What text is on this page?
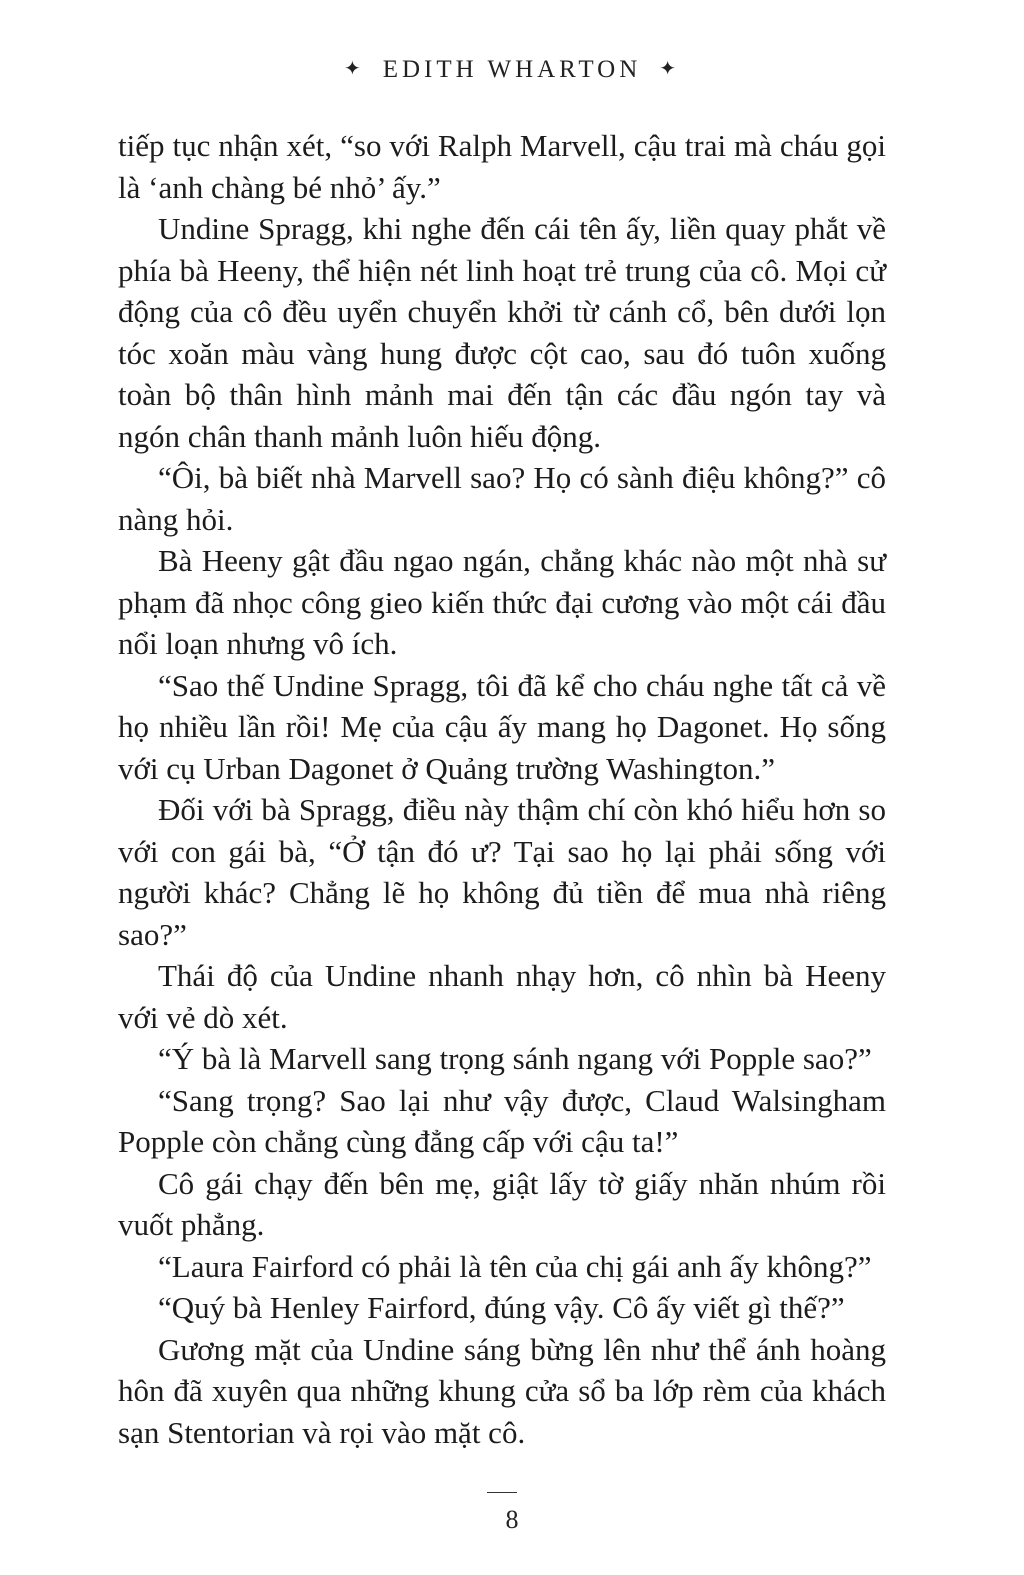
✦ EDITH WHARTON ✦

tiếp tục nhận xét, “so với Ralph Marvell, cậu trai mà cháu gọi là ‘anh chàng bé nhỏ’ ấy.”

Undine Spragg, khi nghe đến cái tên ấy, liền quay phắt về phía bà Heeny, thể hiện nét linh hoạt trẻ trung của cô. Mọi cử động của cô đều uyển chuyển khởi từ cánh cổ, bên dưới lọn tóc xoăn màu vàng hung được cột cao, sau đó tuôn xuống toàn bộ thân hình mảnh mai đến tận các đầu ngón tay và ngón chân thanh mảnh luôn hiếu động.

“Ôi, bà biết nhà Marvell sao? Họ có sành điệu không?” cô nàng hỏi.

Bà Heeny gật đầu ngao ngán, chẳng khác nào một nhà sư phạm đã nhọc công gieo kiến thức đại cương vào một cái đầu nổi loạn nhưng vô ích.

“Sao thế Undine Spragg, tôi đã kể cho cháu nghe tất cả về họ nhiều lần rồi! Mẹ của cậu ấy mang họ Dagonet. Họ sống với cụ Urban Dagonet ở Quảng trường Washington.”

Đối với bà Spragg, điều này thậm chí còn khó hiểu hơn so với con gái bà, “Ở tận đó ư? Tại sao họ lại phải sống với người khác? Chẳng lẽ họ không đủ tiền để mua nhà riêng sao?”

Thái độ của Undine nhanh nhạy hơn, cô nhìn bà Heeny với vẻ dò xét.

“Ý bà là Marvell sang trọng sánh ngang với Popple sao?”

“Sang trọng? Sao lại như vậy được, Claud Walsingham Popple còn chẳng cùng đẳng cấp với cậu ta!”

Cô gái chạy đến bên mẹ, giật lấy tờ giấy nhăn nhúm rồi vuốt phẳng.

“Laura Fairford có phải là tên của chị gái anh ấy không?”

“Quý bà Henley Fairford, đúng vậy. Cô ấy viết gì thế?”

Gương mặt của Undine sáng bừng lên như thể ánh hoàng hôn đã xuyên qua những khung cửa sổ ba lớp rèm của khách sạn Stentorian và rọi vào mặt cô.

8
